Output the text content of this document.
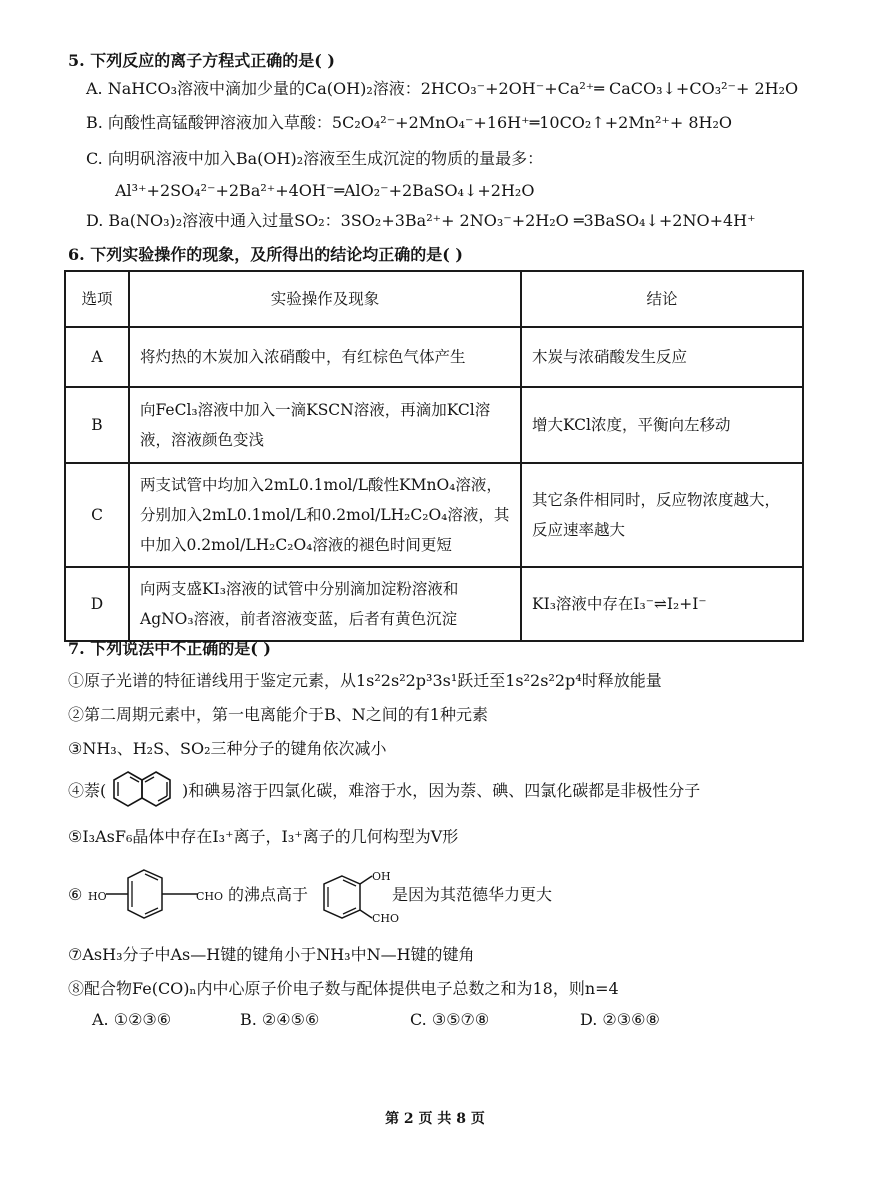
5. 下列反应的离子方程式正确的是( )
A. NaHCO₃溶液中滴加少量的Ca(OH)₂溶液：2HCO₃⁻+2OH⁻+Ca²⁺═ CaCO₃↓+CO₃²⁻+ 2H₂O
B. 向酸性高锰酸钾溶液加入草酸：5C₂O₄²⁻+2MnO₄⁻+16H⁺═10CO₂↑+2Mn²⁺+ 8H₂O
C. 向明矾溶液中加入Ba(OH)₂溶液至生成沉淀的物质的量最多：
Al³⁺+2SO₄²⁻+2Ba²⁺+4OH⁻═AlO₂⁻+2BaSO₄↓+2H₂O
D. Ba(NO₃)₂溶液中通入过量SO₂：3SO₂+3Ba²⁺+ 2NO₃⁻+2H₂O ═3BaSO₄↓+2NO+4H⁺
6. 下列实验操作的现象，及所得出的结论均正确的是( )
选项	实验操作及现象	结论
A	将灼热的木炭加入浓硝酸中，有红棕色气体产生	木炭与浓硝酸发生反应
B	向FeCl₃溶液中加入一滴KSCN溶液，再滴加KCl溶液，溶液颜色变浅	增大KCl浓度，平衡向左移动
C	两支试管中均加入2mL0.1mol/L酸性KMnO₄溶液，分别加入2mL0.1mol/L和0.2mol/LH₂C₂O₄溶液，其中加入0.2mol/LH₂C₂O₄溶液的褪色时间更短	其它条件相同时，反应物浓度越大，反应速率越大
D	向两支盛KI₃溶液的试管中分别滴加淀粉溶液和AgNO₃溶液，前者溶液变蓝，后者有黄色沉淀	KI₃溶液中存在I₃⁻⇌I₂+I⁻
7. 下列说法中不正确的是( )
①原子光谱的特征谱线用于鉴定元素，从1s²2s²2p³3s¹跃迁至1s²2s²2p⁴时释放能量
②第二周期元素中，第一电离能介于B、N之间的有1种元素
③NH₃、H₂S、SO₂三种分子的键角依次减小
④萘(	)和碘易溶于四氯化碳，难溶于水，因为萘、碘、四氯化碳都是非极性分子
⑤I₃AsF₆晶体中存在I₃⁺离子，I₃⁺离子的几何构型为V形
⑥ HO	CHO 的沸点高于
OH
CHO
是因为其范德华力更大
⑦AsH₃分子中As—H键的键角小于NH₃中N—H键的键角
⑧配合物Fe(CO)ₙ内中心原子价电子数与配体提供电子总数之和为18，则n=4
A. ①②③⑥	B. ②④⑤⑥	C. ③⑤⑦⑧	D. ②③⑥⑧
第 2 页 共 8 页
